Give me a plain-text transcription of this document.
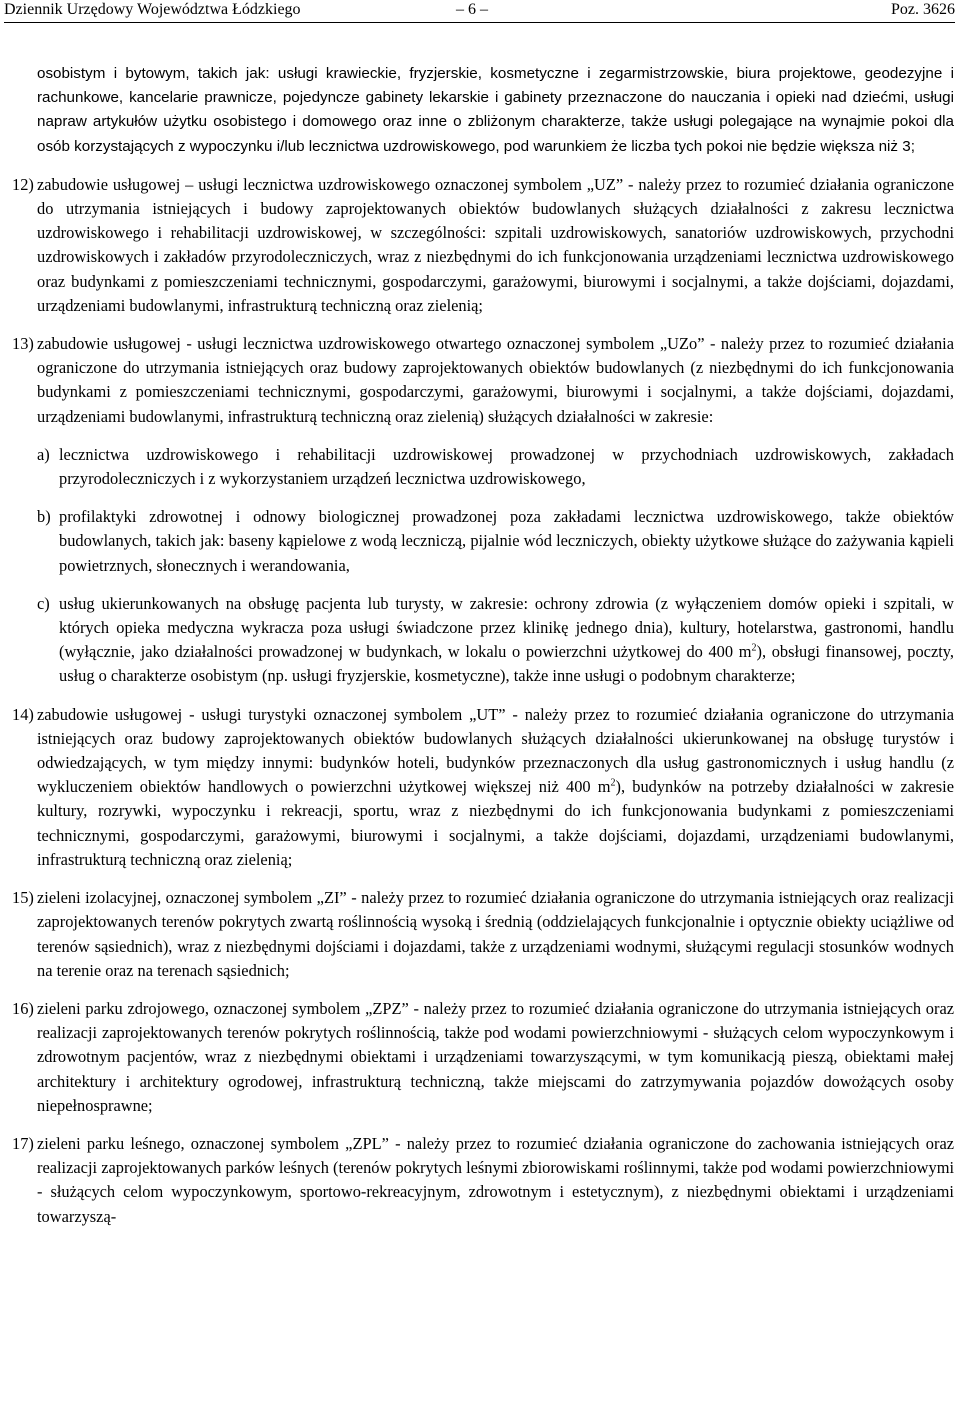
Dziennik Urzędowy Województwa Łódzkiego	– 6 –	Poz. 3626

osobistym i bytowym, takich jak: usługi krawieckie, fryzjerskie, kosmetyczne i zegarmistrzowskie, biura projektowe, geodezyjne i rachunkowe, kancelarie prawnicze, pojedyncze gabinety lekarskie i gabinety przeznaczone do nauczania i opieki nad dziećmi, usługi napraw artykułów użytku osobistego i domowego oraz inne o zbliżonym charakterze, także usługi polegające na wynajmie pokoi dla osób korzystających z wypoczynku i/lub lecznictwa uzdrowiskowego, pod warunkiem że liczba tych pokoi nie będzie większa niż 3;

12) zabudowie usługowej – usługi lecznictwa uzdrowiskowego oznaczonej symbolem „UZ” - należy przez to rozumieć działania ograniczone do utrzymania istniejących i budowy zaprojektowanych obiektów budowlanych służących działalności z zakresu lecznictwa uzdrowiskowego i rehabilitacji uzdrowiskowej, w szczególności: szpitali uzdrowiskowych, sanatoriów uzdrowiskowych, przychodni uzdrowiskowych i zakładów przyrodoleczniczych, wraz z niezbędnymi do ich funkcjonowania urządzeniami lecznictwa uzdrowiskowego oraz budynkami z pomieszczeniami technicznymi, gospodarczymi, garażowymi, biurowymi i socjalnymi, a także dojściami, dojazdami, urządzeniami budowlanymi, infrastrukturą techniczną oraz zielenią;
13) zabudowie usługowej - usługi lecznictwa uzdrowiskowego otwartego oznaczonej symbolem „UZo” - należy przez to rozumieć działania ograniczone do utrzymania istniejących oraz budowy zaprojektowanych obiektów budowlanych (z niezbędnymi do ich funkcjonowania budynkami z pomieszczeniami technicznymi, gospodarczymi, garażowymi, biurowymi i socjalnymi, a także dojściami, dojazdami, urządzeniami budowlanymi, infrastrukturą techniczną oraz zielenią) służących działalności w zakresie:
a) lecznictwa uzdrowiskowego i rehabilitacji uzdrowiskowej prowadzonej w przychodniach uzdrowiskowych, zakładach przyrodoleczniczych i z wykorzystaniem urządzeń lecznictwa uzdrowiskowego,
b) profilaktyki zdrowotnej i odnowy biologicznej prowadzonej poza zakładami lecznictwa uzdrowiskowego, także obiektów budowlanych, takich jak: baseny kąpielowe z wodą leczniczą, pijalnie wód leczniczych, obiekty użytkowe służące do zażywania kąpieli powietrznych, słonecznych i werandowania,
c) usług ukierunkowanych na obsługę pacjenta lub turysty, w zakresie: ochrony zdrowia (z wyłączeniem domów opieki i szpitali, w których opieka medyczna wykracza poza usługi świadczone przez klinikę jednego dnia), kultury, hotelarstwa, gastronomi, handlu (wyłącznie, jako działalności prowadzonej w budynkach, w lokalu o powierzchni użytkowej do 400 $m^2$), obsługi finansowej, poczty, usług o charakterze osobistym (np. usługi fryzjerskie, kosmetyczne), także inne usługi o podobnym charakterze;
14) zabudowie usługowej - usługi turystyki oznaczonej symbolem „UT” - należy przez to rozumieć działania ograniczone do utrzymania istniejących oraz budowy zaprojektowanych obiektów budowlanych służących działalności ukierunkowanej na obsługę turystów i odwiedzających, w tym między innymi: budynków hoteli, budynków przeznaczonych dla usług gastronomicznych i usług handlu (z wykluczeniem obiektów handlowych o powierzchni użytkowej większej niż 400 $m^2$), budynków na potrzeby działalności w zakresie kultury, rozrywki, wypoczynku i rekreacji, sportu, wraz z niezbędnymi do ich funkcjonowania budynkami z pomieszczeniami technicznymi, gospodarczymi, garażowymi, biurowymi i socjalnymi, a także dojściami, dojazdami, urządzeniami budowlanymi, infrastrukturą techniczną oraz zielenią;
15) zieleni izolacyjnej, oznaczonej symbolem „ZI” - należy przez to rozumieć działania ograniczone do utrzymania istniejących oraz realizacji zaprojektowanych terenów pokrytych zwartą roślinnością wysoką i średnią (oddzielających funkcjonalnie i optycznie obiekty uciążliwe od terenów sąsiednich), wraz z niezbędnymi dojściami i dojazdami, także z urządzeniami wodnymi, służącymi regulacji stosunków wodnych na terenie oraz na terenach sąsiednich;
16) zieleni parku zdrojowego, oznaczonej symbolem „ZPZ” - należy przez to rozumieć działania ograniczone do utrzymania istniejących oraz realizacji zaprojektowanych terenów pokrytych roślinnością, także pod wodami powierzchniowymi - służących celom wypoczynkowym i zdrowotnym pacjentów, wraz z niezbędnymi obiektami i urządzeniami towarzyszącymi, w tym komunikacją pieszą, obiektami małej architektury i architektury ogrodowej, infrastrukturą techniczną, także miejscami do zatrzymywania pojazdów dowożących osoby niepełnosprawne;
17) zieleni parku leśnego, oznaczonej symbolem „ZPL” - należy przez to rozumieć działania ograniczone do zachowania istniejących oraz realizacji zaprojektowanych parków leśnych (terenów pokrytych leśnymi zbiorowiskami roślinnymi, także pod wodami powierzchniowymi - służących celom wypoczynkowym, sportowo-rekreacyjnym, zdrowotnym i estetycznym), z niezbędnymi obiektami i urządzeniami towarzyszą-
